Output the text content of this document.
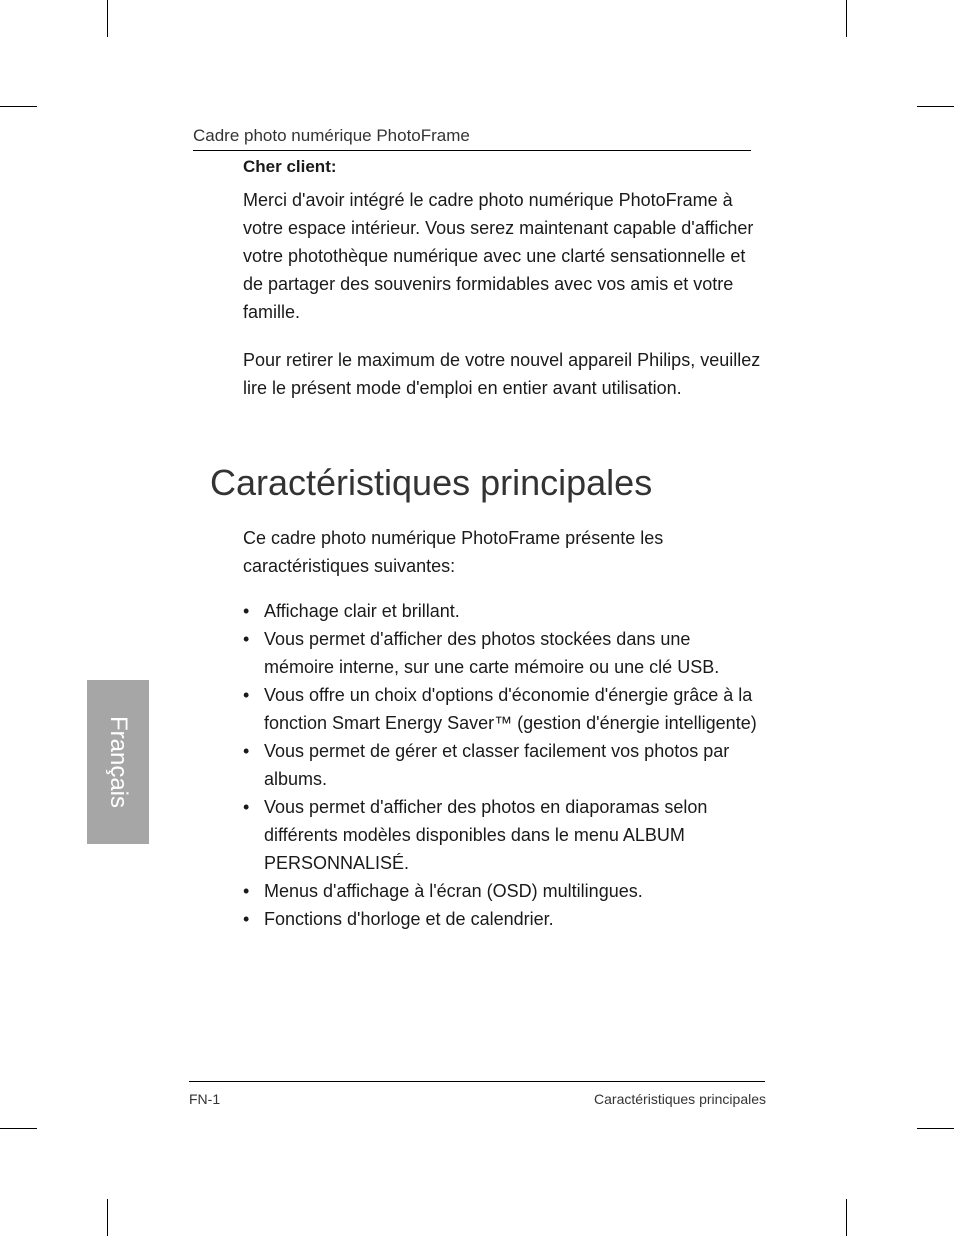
Cadre photo numérique PhotoFrame
Cher client:

Merci d'avoir intégré le cadre photo numérique PhotoFrame à votre espace intérieur. Vous serez maintenant capable d'afficher votre photothèque numérique avec une clarté sensationnelle et de partager des souvenirs formidables avec vos amis et votre famille.

Pour retirer le maximum de votre nouvel appareil Philips, veuillez lire le présent mode d'emploi en entier avant utilisation.

Caractéristiques principales

Ce cadre photo numérique PhotoFrame présente les caractéristiques suivantes:

• Affichage clair et brillant.
• Vous permet d'afficher des photos stockées dans une mémoire interne, sur une carte mémoire ou une clé USB.
• Vous offre un choix d'options d'économie d'énergie grâce à la fonction Smart Energy Saver™ (gestion d'énergie intelligente)
• Vous permet de gérer et classer facilement vos photos par albums.
• Vous permet d'afficher des photos en diaporamas selon différents modèles disponibles dans le menu ALBUM PERSONNALISÉ.
• Menus d'affichage à l'écran (OSD) multilingues.
• Fonctions d'horloge et de calendrier.
Français
FN-1	Caractéristiques principales
